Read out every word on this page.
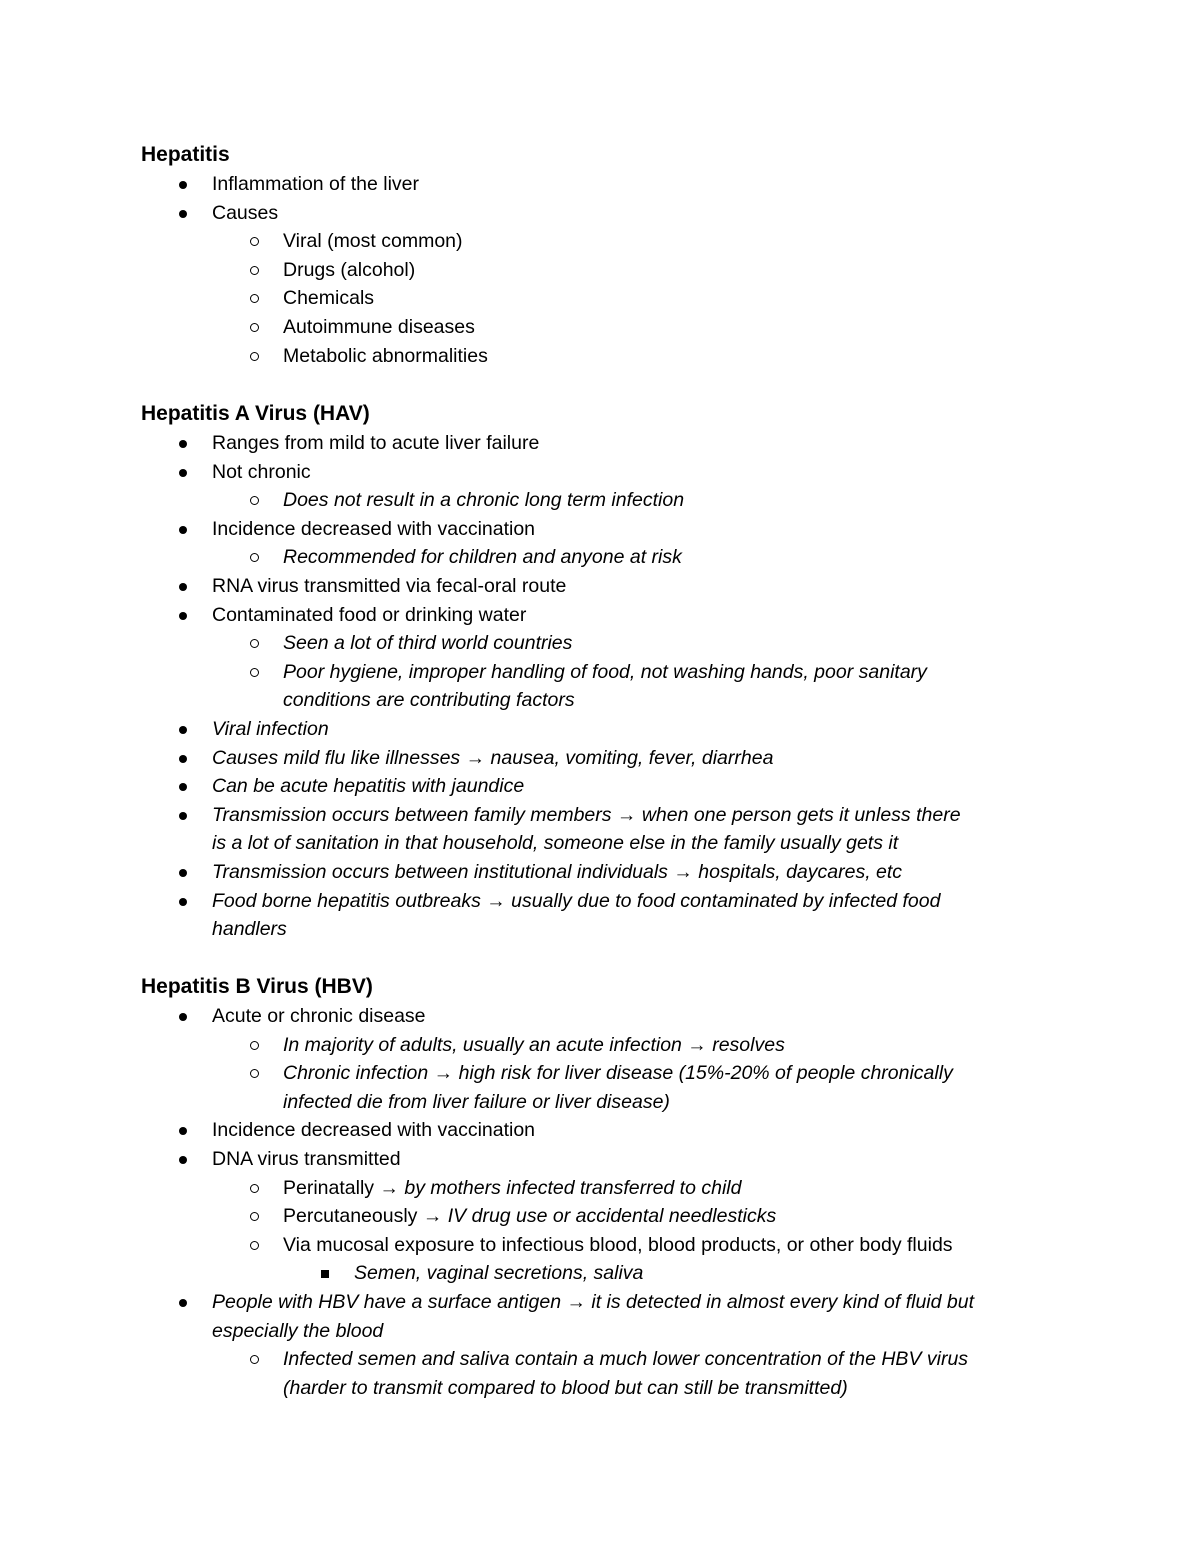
Hepatitis
Inflammation of the liver
Causes
Viral (most common)
Drugs (alcohol)
Chemicals
Autoimmune diseases
Metabolic abnormalities
Hepatitis A Virus (HAV)
Ranges from mild to acute liver failure
Not chronic
Does not result in a chronic long term infection
Incidence decreased with vaccination
Recommended for children and anyone at risk
RNA virus transmitted via fecal-oral route
Contaminated food or drinking water
Seen a lot of third world countries
Poor hygiene, improper handling of food, not washing hands, poor sanitary
conditions are contributing factors
Viral infection
Causes mild flu like illnesses → nausea, vomiting, fever, diarrhea
Can be acute hepatitis with jaundice
Transmission occurs between family members → when one person gets it unless there
is a lot of sanitation in that household, someone else in the family usually gets it
Transmission occurs between institutional individuals → hospitals, daycares, etc
Food borne hepatitis outbreaks → usually due to food contaminated by infected food
handlers
Hepatitis B Virus (HBV)
Acute or chronic disease
In majority of adults, usually an acute infection → resolves
Chronic infection → high risk for liver disease (15%-20% of people chronically
infected die from liver failure or liver disease)
Incidence decreased with vaccination
DNA virus transmitted
Perinatally → by mothers infected transferred to child
Percutaneously → IV drug use or accidental needlesticks
Via mucosal exposure to infectious blood, blood products, or other body fluids
Semen, vaginal secretions, saliva
People with HBV have a surface antigen → it is detected in almost every kind of fluid but
especially the blood
Infected semen and saliva contain a much lower concentration of the HBV virus
(harder to transmit compared to blood but can still be transmitted)
